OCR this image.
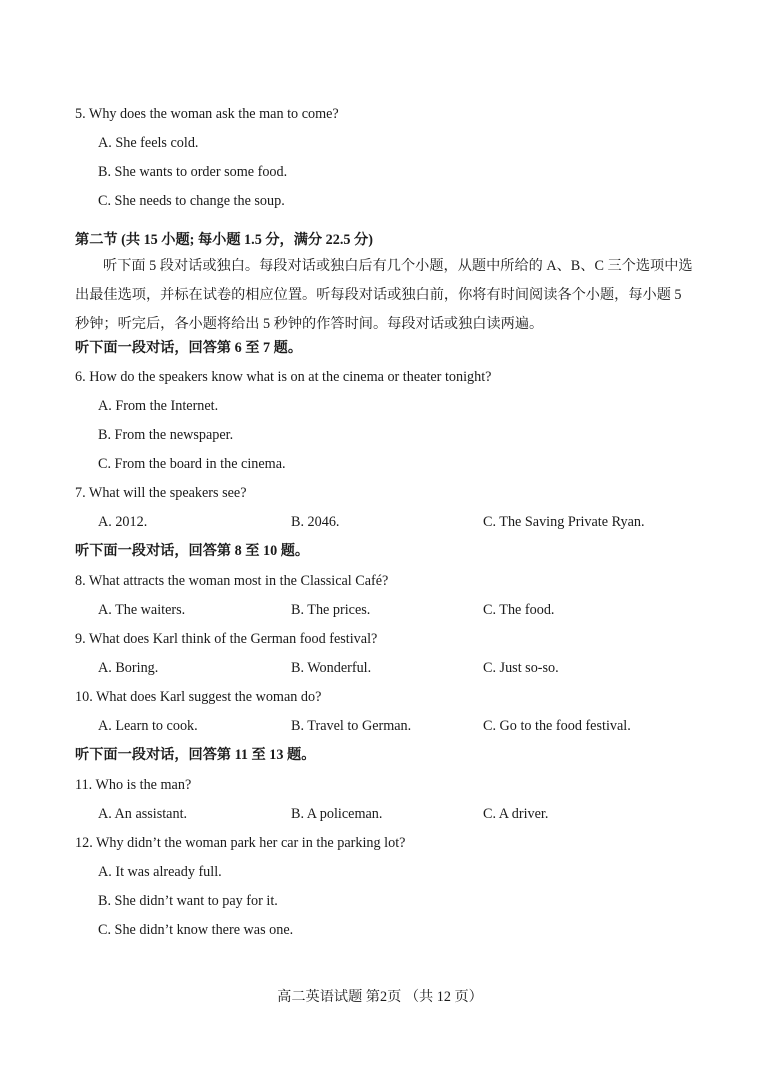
5. Why does the woman ask the man to come?
A. She feels cold.
B. She wants to order some food.
C. She needs to change the soup.
第二节 (共 15 小题; 每小题 1.5 分，满分 22.5 分)
听下面 5 段对话或独白。每段对话或独白后有几个小题，从题中所给的 A、B、C 三个选项中选出最佳选项，并标在试卷的相应位置。听每段对话或独白前，你将有时间阅读各个小题，每小题 5 秒钟；听完后，各小题将给出 5 秒钟的作答时间。每段对话或独白读两遍。
听下面一段对话，回答第 6 至 7 题。
6. How do the speakers know what is on at the cinema or theater tonight?
A. From the Internet.
B. From the newspaper.
C. From the board in the cinema.
7. What will the speakers see?
A. 2012.	B. 2046.	C. The Saving Private Ryan.
听下面一段对话，回答第 8 至 10 题。
8. What attracts the woman most in the Classical Café?
A. The waiters.	B. The prices.	C. The food.
9. What does Karl think of the German food festival?
A. Boring.	B. Wonderful.	C. Just so-so.
10. What does Karl suggest the woman do?
A. Learn to cook.	B. Travel to German.	C. Go to the food festival.
听下面一段对话，回答第 11 至 13 题。
11. Who is the man?
A. An assistant.	B. A policeman.	C. A driver.
12. Why didn’t the woman park her car in the parking lot?
A. It was already full.
B. She didn’t want to pay for it.
C. She didn’t know there was one.
高二英语试题 第2页 （共 12 页）
